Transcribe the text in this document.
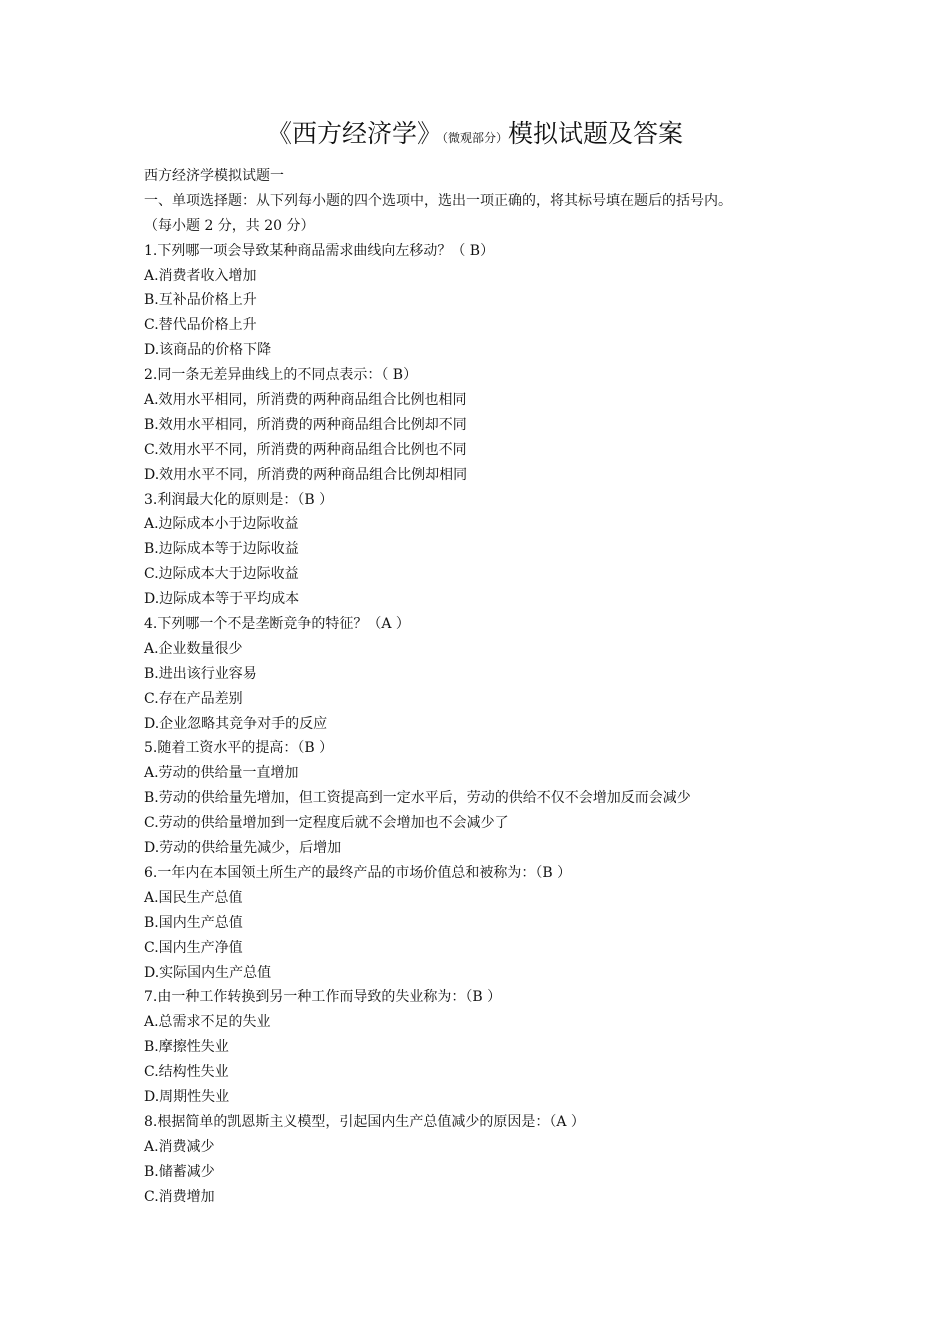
《西方经济学》（微观部分）模拟试题及答案
西方经济学模拟试题一
一、单项选择题：从下列每小题的四个选项中，选出一项正确的，将其标号填在题后的括号内。
（每小题 2 分，共 20 分）
1.下列哪一项会导致某种商品需求曲线向左移动？（ B）
A.消费者收入增加
B.互补品价格上升
C.替代品价格上升
D.该商品的价格下降
2.同一条无差异曲线上的不同点表示：（ B）
A.效用水平相同，所消费的两种商品组合比例也相同
B.效用水平相同，所消费的两种商品组合比例却不同
C.效用水平不同，所消费的两种商品组合比例也不同
D.效用水平不同，所消费的两种商品组合比例却相同
3.利润最大化的原则是：（B ）
A.边际成本小于边际收益
B.边际成本等于边际收益
C.边际成本大于边际收益
D.边际成本等于平均成本
4.下列哪一个不是垄断竞争的特征？（A ）
A.企业数量很少
B.进出该行业容易
C.存在产品差别
D.企业忽略其竞争对手的反应
5.随着工资水平的提高：（B ）
A.劳动的供给量一直增加
B.劳动的供给量先增加，但工资提高到一定水平后，劳动的供给不仅不会增加反而会减少
C.劳动的供给量增加到一定程度后就不会增加也不会减少了
D.劳动的供给量先减少，后增加
6.一年内在本国领土所生产的最终产品的市场价值总和被称为：（B ）
A.国民生产总值
B.国内生产总值
C.国内生产净值
D.实际国内生产总值
7.由一种工作转换到另一种工作而导致的失业称为：（B ）
A.总需求不足的失业
B.摩擦性失业
C.结构性失业
D.周期性失业
8.根据简单的凯恩斯主义模型，引起国内生产总值减少的原因是：（A ）
A.消费减少
B.储蓄减少
C.消费增加
